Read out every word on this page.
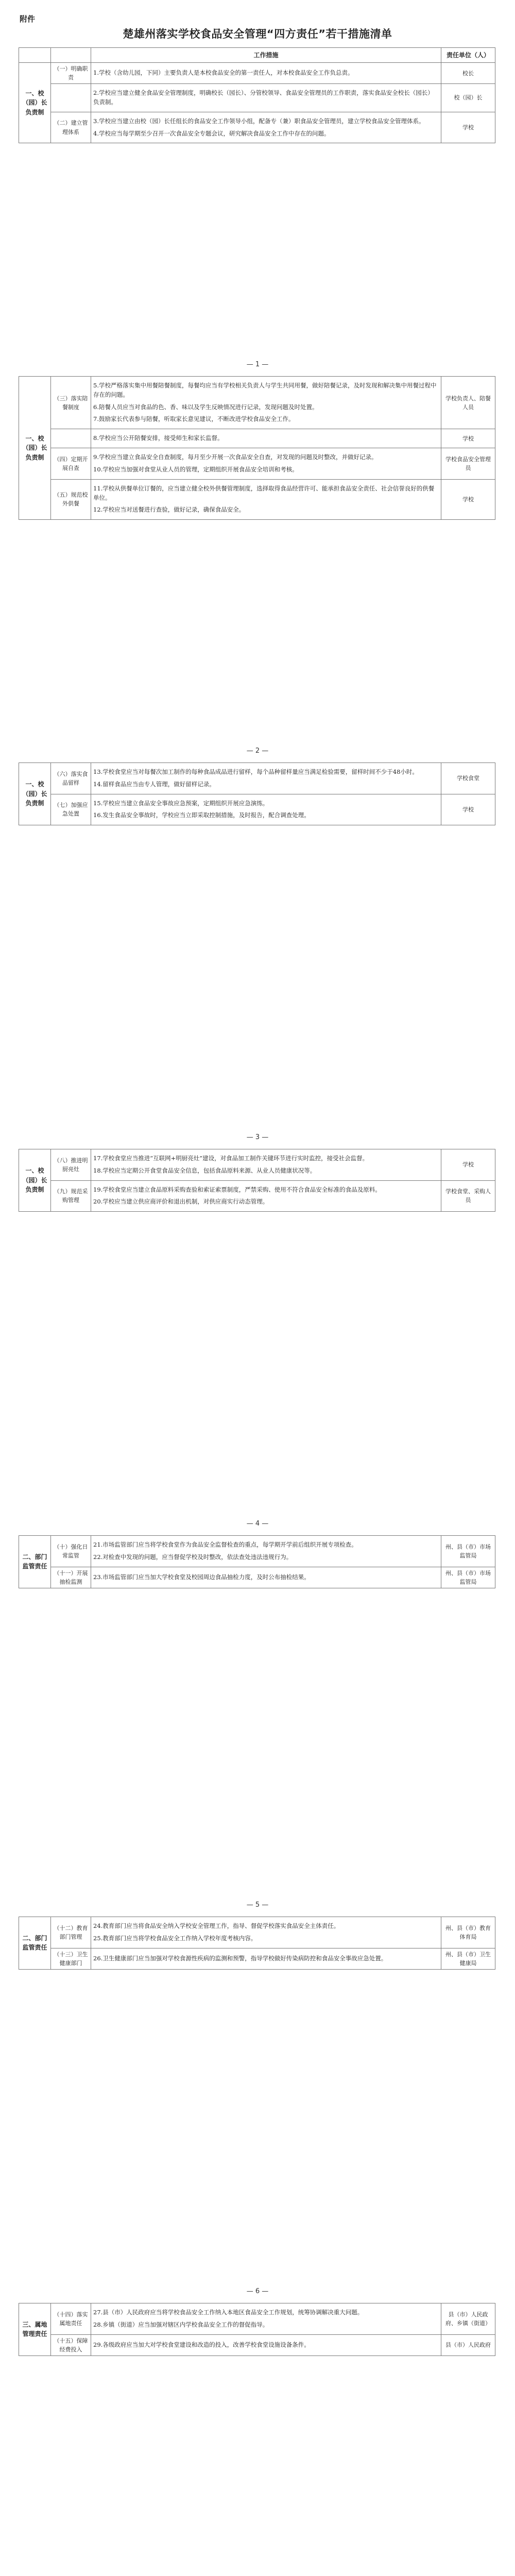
附件
楚雄州落实学校食品安全管理“四方责任”若干措施清单
		工作措施	责任单位（人）
一、校（园）长负责制	（一）明确职责	1.学校（含幼儿园，下同）主要负责人是本校食品安全的第一责任人，对本校食品安全工作负总责。	校长

		2.学校应当建立健全食品安全管理制度，明确校长（园长）、分管校领导、食品安全管理员的工作职责，落实食品安全校长（园长）负责制。	校（园）长
	（二）建立管理体系	3.学校应当建立由校（园）长任组长的食品安全工作领导小组，配备专（兼）职食品安全管理员，建立学校食品安全管理体系。
4.学校应当每学期至少召开一次食品安全专题会议，研究解决食品安全工作中存在的问题。	学校
— 1 —
一、校（园）长负责制	（三）落实陪餐制度	5.学校严格落实集中用餐陪餐制度，每餐均应当有学校相关负责人与学生共同用餐，做好陪餐记录，及时发现和解决集中用餐过程中存在的问题。
6.陪餐人员应当对食品的色、香、味以及学生反映情况进行记录，发现问题及时处置。
7.鼓励家长代表参与陪餐，听取家长意见建议，不断改进学校食品安全工作。	学校负责人、陪餐人员

		8.学校应当公开陪餐安排，接受师生和家长监督。	学校
	（四）定期开展自查	9.学校应当建立食品安全自查制度，每月至少开展一次食品安全自查，对发现的问题及时整改，并做好记录。
10.学校应当加强对食堂从业人员的管理，定期组织开展食品安全培训和考核。	学校食品安全管理员
	（五）规范校外供餐	11.学校从供餐单位订餐的，应当建立健全校外供餐管理制度，选择取得食品经营许可、能承担食品安全责任、社会信誉良好的供餐单位。
12.学校应当对送餐进行查验，做好记录，确保食品安全。	学校
— 2 —
一、校（园）长负责制	（六）落实食品留样	13.学校食堂应当对每餐次加工制作的每种食品成品进行留样，每个品种留样量应当满足检验需要，留样时间不少于48小时。
14.留样食品应当由专人管理，做好留样记录。	学校食堂
	（七）加强应急处置	15.学校应当建立食品安全事故应急预案，定期组织开展应急演练。
16.发生食品安全事故时，学校应当立即采取控制措施，及时报告，配合调查处理。	学校
— 3 —
一、校（园）长负责制	（八）推进明厨亮灶	17.学校食堂应当推进“互联网+明厨亮灶”建设，对食品加工制作关键环节进行实时监控，接受社会监督。
18.学校应当定期公开食堂食品安全信息，包括食品原料来源、从业人员健康状况等。	学校
	（九）规范采购管理	19.学校食堂应当建立食品原料采购查验和索证索票制度，严禁采购、使用不符合食品安全标准的食品及原料。
20.学校应当建立供应商评价和退出机制，对供应商实行动态管理。	学校食堂、采购人员
— 4 —
二、部门监管责任	（十）强化日常监管	21.市场监管部门应当将学校食堂作为食品安全监督检查的重点，每学期开学前后组织开展专项检查。
22.对检查中发现的问题，应当督促学校及时整改，依法查处违法违规行为。	州、县（市）市场监管局
	（十一）开展抽检监测	23.市场监管部门应当加大学校食堂及校园周边食品抽检力度，及时公布抽检结果。	州、县（市）市场监管局
— 5 —
二、部门监管责任	（十二）教育部门管理	24.教育部门应当将食品安全纳入学校安全管理工作，指导、督促学校落实食品安全主体责任。
25.教育部门应当将学校食品安全工作纳入学校年度考核内容。	州、县（市）教育体育局
	（十三）卫生健康部门	26.卫生健康部门应当加强对学校食源性疾病的监测和预警，指导学校做好传染病防控和食品安全事故应急处置。	州、县（市）卫生健康局
— 6 —
三、属地管理责任	（十四）落实属地责任	27.县（市）人民政府应当将学校食品安全工作纳入本地区食品安全工作规划，统筹协调解决重大问题。
28.乡镇（街道）应当加强对辖区内学校食品安全工作的督促指导。	县（市）人民政府、乡镇（街道）
	（十五）保障经费投入	29.各级政府应当加大对学校食堂建设和改造的投入，改善学校食堂设施设备条件。	县（市）人民政府
